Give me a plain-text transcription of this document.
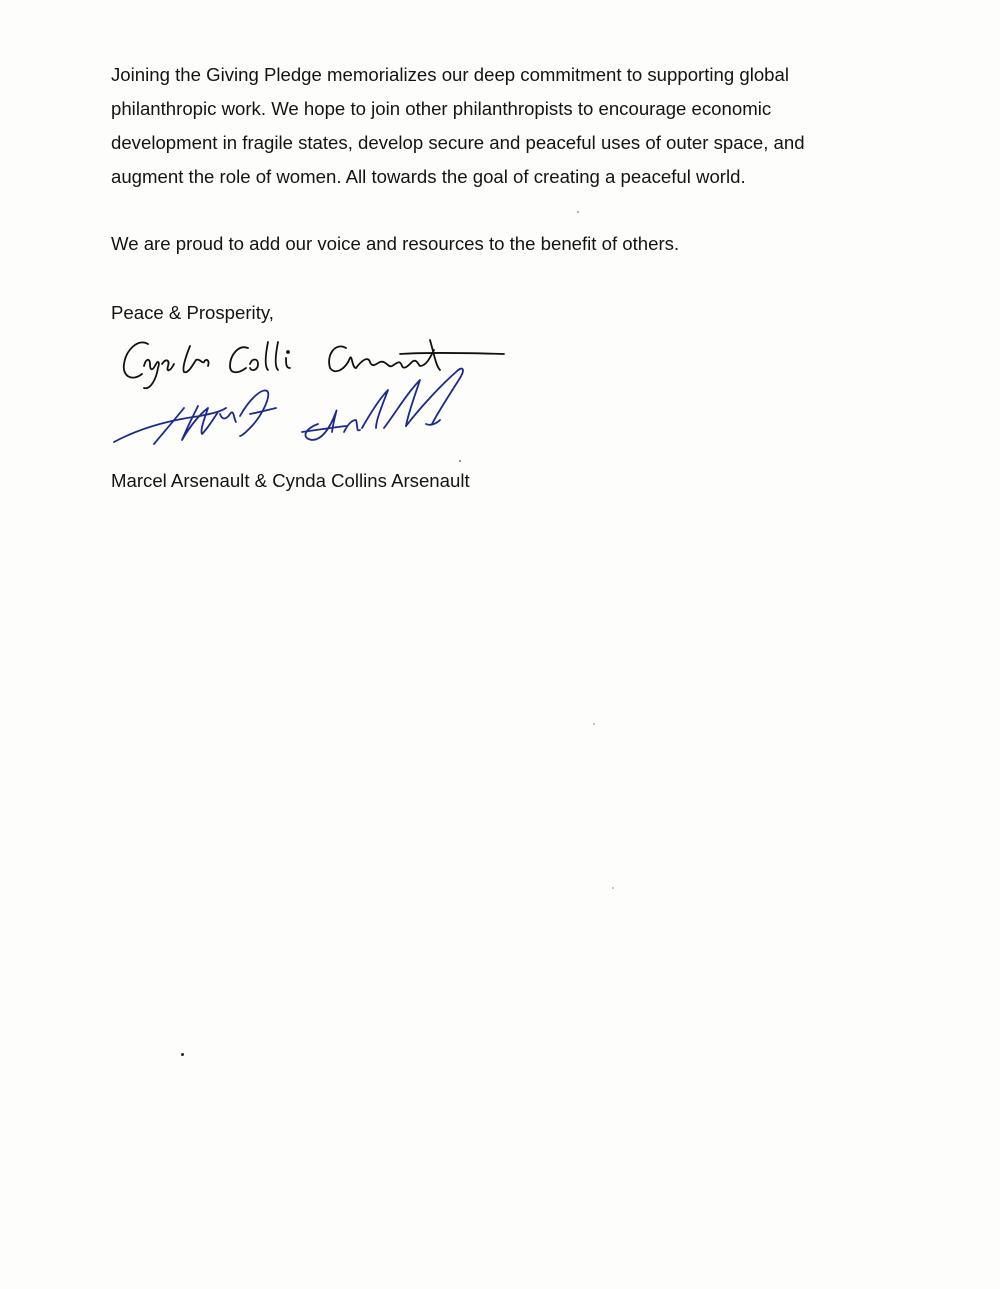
Joining the Giving Pledge memorializes our deep commitment to supporting global

philanthropic work. We hope to join other philanthropists to encourage economic

development in fragile states, develop secure and peaceful uses of outer space, and

augment the role of women. All towards the goal of creating a peaceful world.

We are proud to add our voice and resources to the benefit of others.

Peace & Prosperity,

Marcel Arsenault & Cynda Collins Arsenault
